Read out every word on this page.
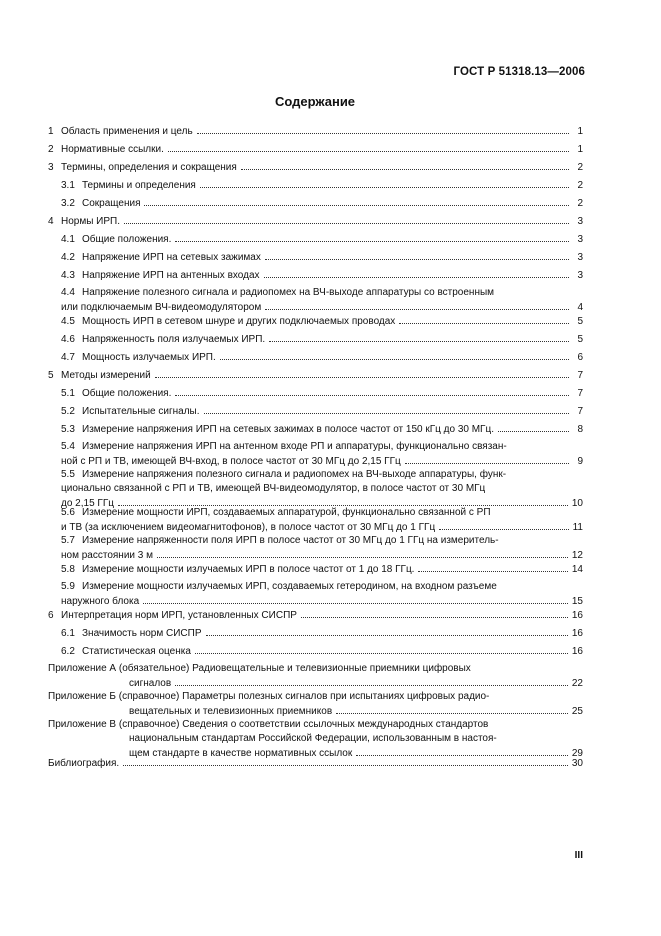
ГОСТ Р 51318.13—2006
Содержание
1 Область применения и цель	1
2 Нормативные ссылки.	1
3 Термины, определения и сокращения	2
3.1 Термины и определения	2
3.2 Сокращения	2
4 Нормы ИРП.	3
4.1 Общие положения.	3
4.2 Напряжение ИРП на сетевых зажимах	3
4.3 Напряжение ИРП на антенных входах	3
4.4 Напряжение полезного сигнала и радиопомех на ВЧ-выходе аппаратуры со встроенным
или подключаемым ВЧ-видеомодулятором	4
4.5 Мощность ИРП в сетевом шнуре и других подключаемых проводах	5
4.6 Напряженность поля излучаемых ИРП.	5
4.7 Мощность излучаемых ИРП.	6
5 Методы измерений	7
5.1 Общие положения.	7
5.2 Испытательные сигналы.	7
5.3 Измерение напряжения ИРП на сетевых зажимах в полосе частот от 150 кГц до 30 МГц.	8
5.4 Измерение напряжения ИРП на антенном входе РП и аппаратуры, функционально связан-
ной с РП и ТВ, имеющей ВЧ-вход, в полосе частот от 30 МГц до 2,15 ГГц	9
5.5 Измерение напряжения полезного сигнала и радиопомех на ВЧ-выходе аппаратуры, функ-
ционально связанной с РП и ТВ, имеющей ВЧ-видеомодулятор, в полосе частот от 30 МГц
до 2,15 ГГц	10
5.6 Измерение мощности ИРП, создаваемых аппаратурой, функционально связанной с РП
и ТВ (за исключением видеомагнитофонов), в полосе частот от 30 МГц до 1 ГГц	11
5.7 Измерение напряженности поля ИРП в полосе частот от 30 МГц до 1 ГГц на измеритель-
ном расстоянии 3 м	12
5.8 Измерение мощности излучаемых ИРП в полосе частот от 1 до 18 ГГц.	14
5.9 Измерение мощности излучаемых ИРП, создаваемых гетеродином, на входном разъеме
наружного блока	15
6 Интерпретация норм ИРП, установленных СИСПР	16
6.1 Значимость норм СИСПР	16
6.2 Статистическая оценка	16
Приложение А (обязательное) Радиовещательные и телевизионные приемники цифровых
сигналов	22
Приложение Б (справочное) Параметры полезных сигналов при испытаниях цифровых радио-
вещательных и телевизионных приемников	25
Приложение В (справочное) Сведения о соответствии ссылочных международных стандартов
национальным стандартам Российской Федерации, использованным в настоя-
щем стандарте в качестве нормативных ссылок	29
Библиография.	30
III
